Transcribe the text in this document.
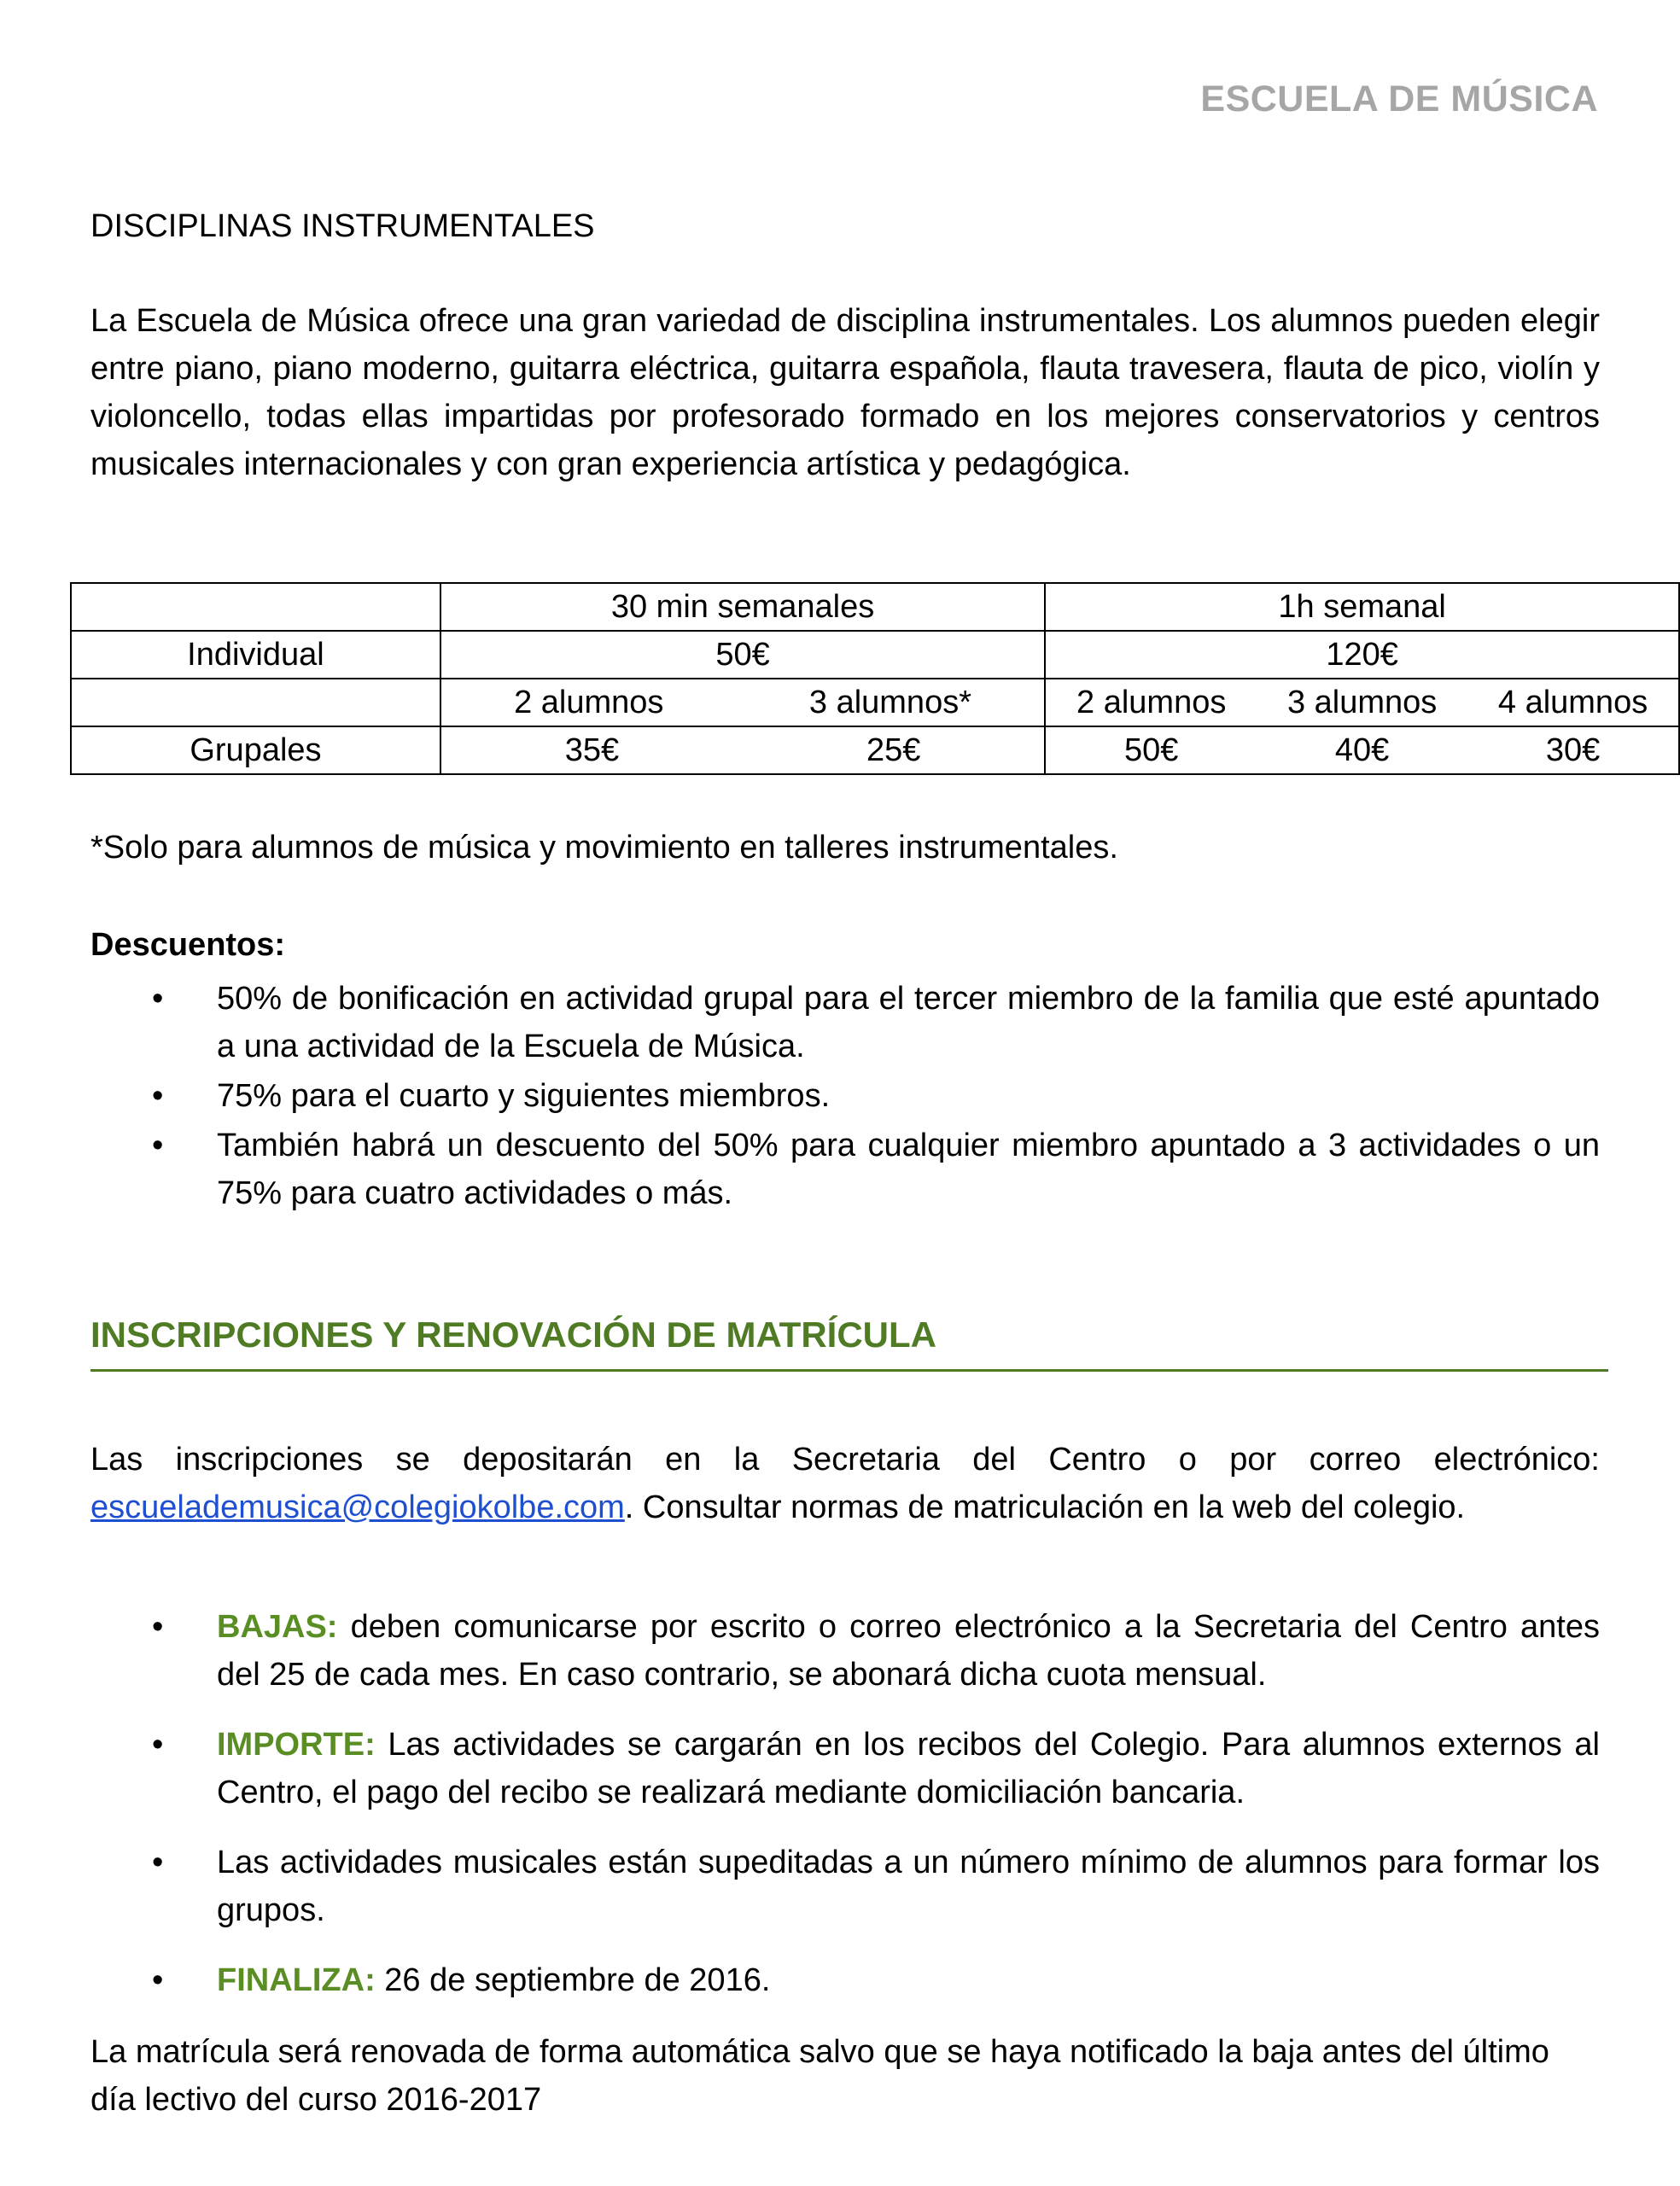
ESCUELA DE MÚSICA
DISCIPLINAS INSTRUMENTALES
La Escuela de Música ofrece una gran variedad de disciplina instrumentales. Los alumnos pueden elegir entre piano, piano moderno, guitarra eléctrica, guitarra española, flauta travesera, flauta de pico, violín y violoncello, todas ellas impartidas por profesorado formado en los mejores conservatorios y centros musicales internacionales y con gran experiencia artística y pedagógica.
	30 min semanales	1h semanal
Individual	50€	120€

	2 alumnos 3 alumnos*	2 alumnos 3 alumnos 4 alumnos

Grupales	35€ 25€	50€ 40€ 30€
*Solo para alumnos de música y movimiento en talleres instrumentales.
Descuentos:
• 50% de bonificación en actividad grupal para el tercer miembro de la familia que esté apuntado a una actividad de la Escuela de Música.
• 75% para el cuarto y siguientes miembros.
• También habrá un descuento del 50% para cualquier miembro apuntado a 3 actividades o un 75% para cuatro actividades o más.
INSCRIPCIONES Y RENOVACIÓN DE MATRÍCULA
Las inscripciones se depositarán en la Secretaria del Centro o por correo electrónico: escuelademusica@colegiokolbe.com. Consultar normas de matriculación en la web del colegio.
• BAJAS: deben comunicarse por escrito o correo electrónico a la Secretaria del Centro antes del 25 de cada mes. En caso contrario, se abonará dicha cuota mensual.
• IMPORTE: Las actividades se cargarán en los recibos del Colegio. Para alumnos externos al Centro, el pago del recibo se realizará mediante domiciliación bancaria.
• Las actividades musicales están supeditadas a un número mínimo de alumnos para formar los grupos.
• FINALIZA: 26 de septiembre de 2016.
La matrícula será renovada de forma automática salvo que se haya notificado la baja antes del último día lectivo del curso 2016-2017
